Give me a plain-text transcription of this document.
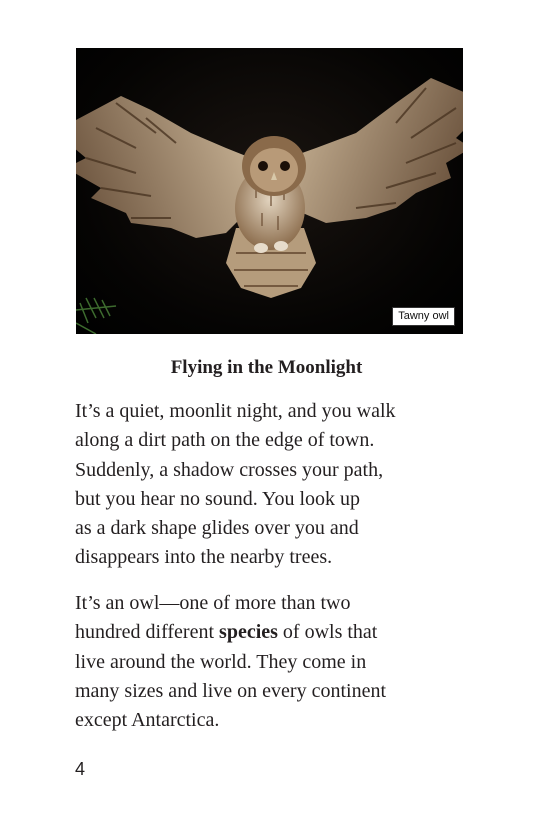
Tawny owl
Flying in the Moonlight

It’s a quiet, moonlit night, and you walk
along a dirt path on the edge of town.
Suddenly, a shadow crosses your path,
but you hear no sound. You look up
as a dark shape glides over you and
disappears into the nearby trees.

It’s an owl—one of more than two
hundred different species of owls that
live around the world. They come in
many sizes and live on every continent
except Antarctica.

4
